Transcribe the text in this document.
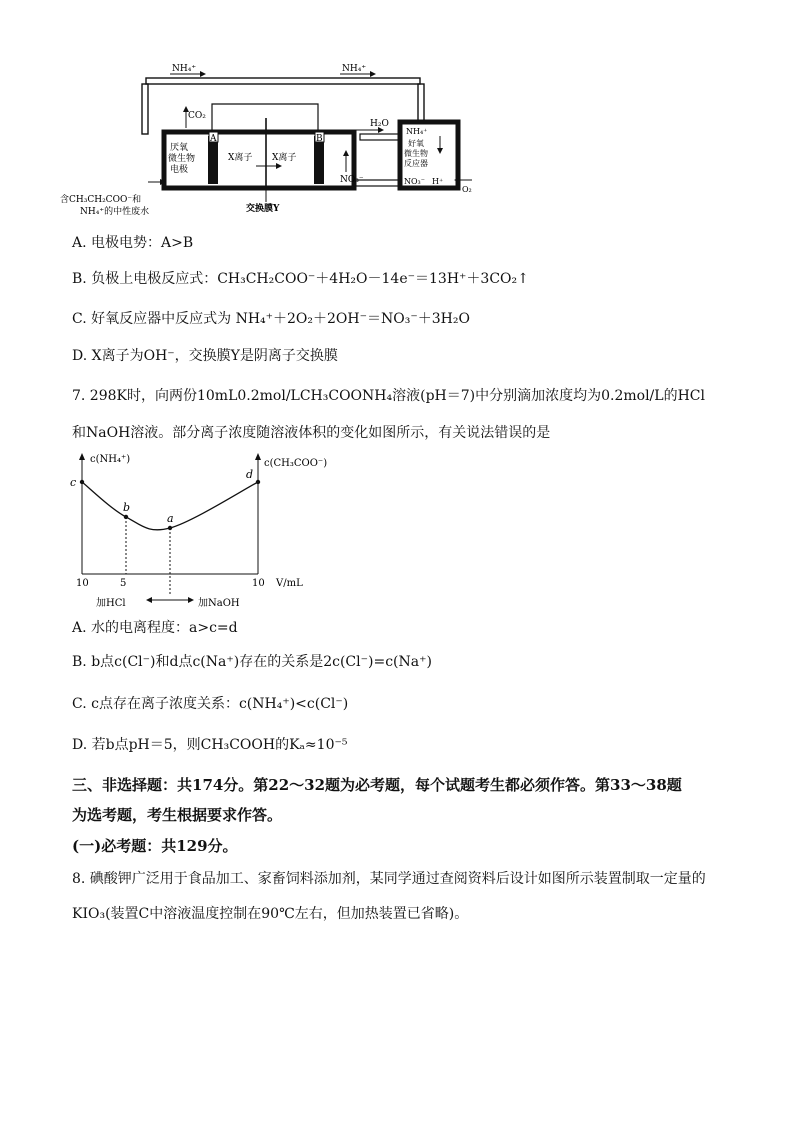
NH₄⁺	NH₄⁺
A	B
CO₂
厌氧
微生物
电极
X离子 X离子
H₂O
NO₃⁻
NH₄⁺
好氧
微生物
反应器
NO₃⁻ H⁺
O₂
含CH₃CH₂COO⁻和
NH₄⁺的中性废水	交换膜Y
A. 电极电势：A>B
B. 负极上电极反应式：CH₃CH₂COO⁻＋4H₂O－14e⁻＝13H⁺＋3CO₂↑
C. 好氧反应器中反应式为 NH₄⁺＋2O₂＋2OH⁻＝NO₃⁻＋3H₂O
D. X离子为OH⁻，交换膜Y是阴离子交换膜
7. 298K时，向两份10mL0.2mol/LCH₃COONH₄溶液(pH＝7)中分别滴加浓度均为0.2mol/L的HCl
和NaOH溶液。部分离子浓度随溶液体积的变化如图所示，有关说法错误的是
c(NH₄⁺)	c(CH₃COO⁻)
c
b
a
d
10	5	10 V/mL
加HCl	加NaOH
A. 水的电离程度：a>c=d
B. b点c(Cl⁻)和d点c(Na⁺)存在的关系是2c(Cl⁻)=c(Na⁺)
C. c点存在离子浓度关系：c(NH₄⁺)<c(Cl⁻)
D. 若b点pH＝5，则CH₃COOH的Kₐ≈10⁻⁵
三、非选择题：共174分。第22～32题为必考题，每个试题考生都必须作答。第33～38题
为选考题，考生根据要求作答。
(一)必考题：共129分。
8. 碘酸钾广泛用于食品加工、家畜饲料添加剂，某同学通过查阅资料后设计如图所示装置制取一定量的
KIO₃(装置C中溶液温度控制在90℃左右，但加热装置已省略)。
